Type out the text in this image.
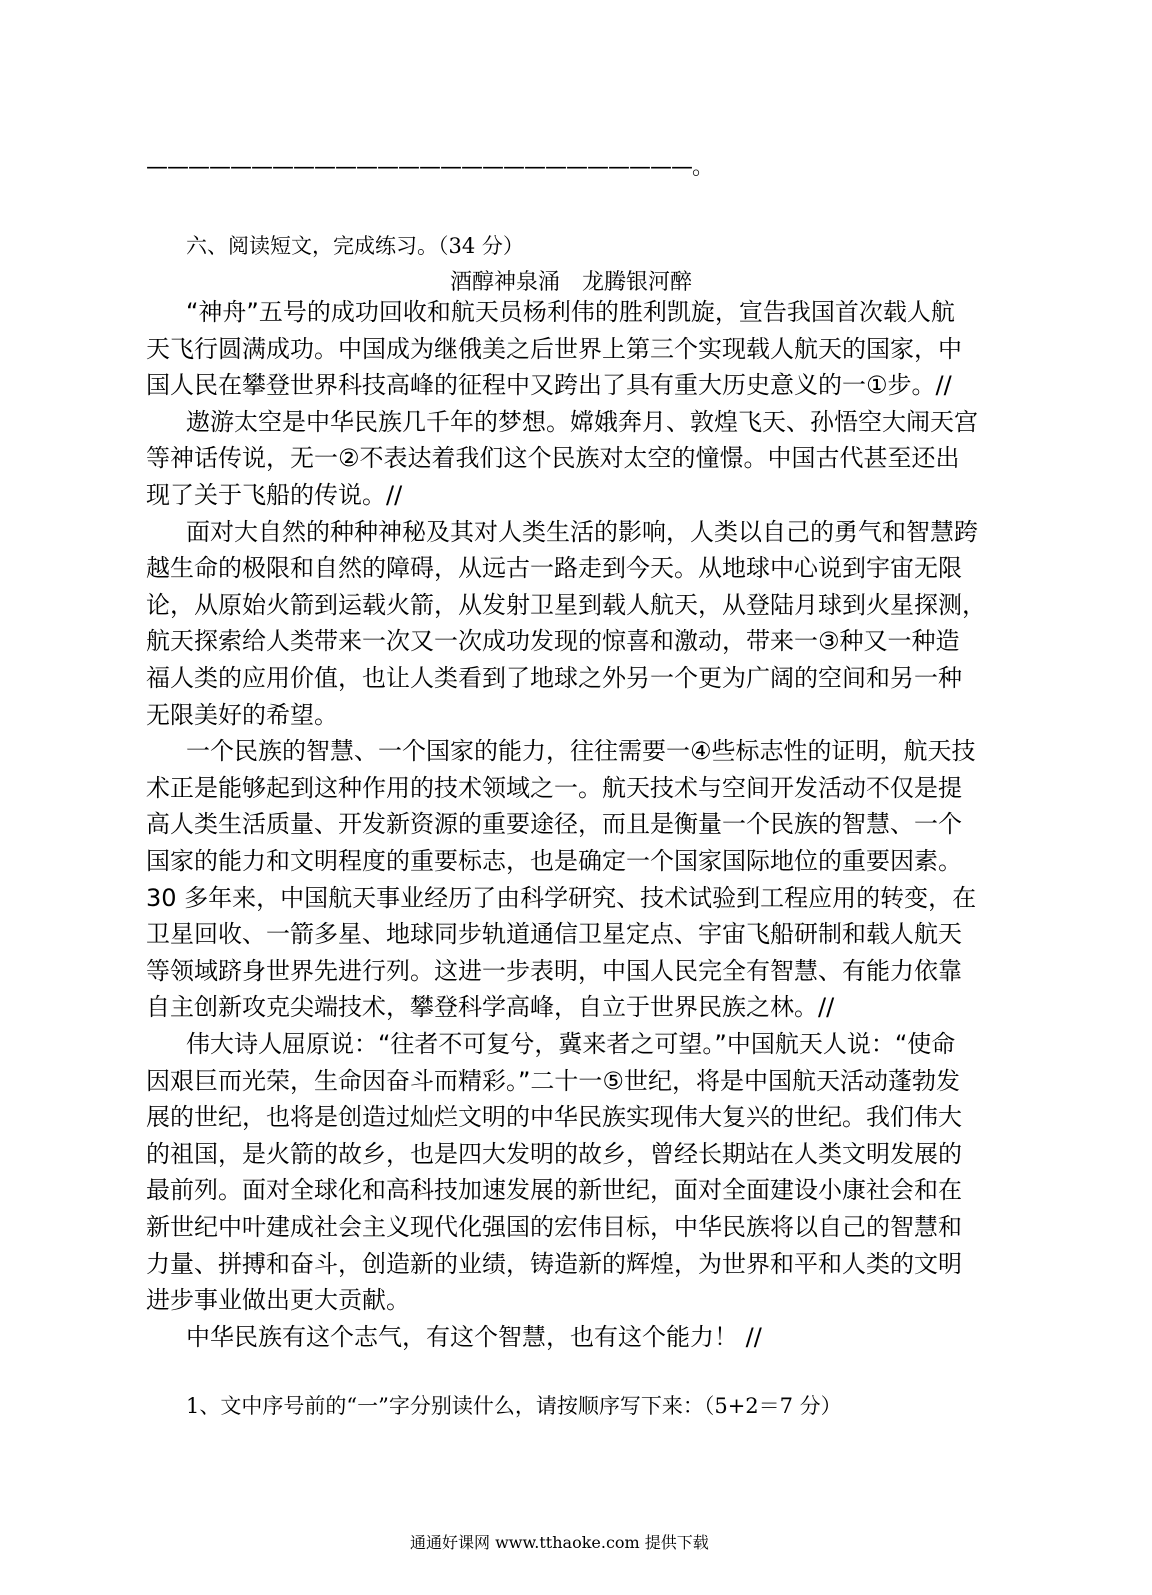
——————————————————————————。
六、阅读短文，完成练习。（34 分）
酒醇神泉涌　龙腾银河醉
“神舟”五号的成功回收和航天员杨利伟的胜利凯旋，宣告我国首次载人航
天飞行圆满成功。中国成为继俄美之后世界上第三个实现载人航天的国家，中
国人民在攀登世界科技高峰的征程中又跨出了具有重大历史意义的一①步。//
遨游太空是中华民族几千年的梦想。嫦娥奔月、敦煌飞天、孙悟空大闹天宫
等神话传说，无一②不表达着我们这个民族对太空的憧憬。中国古代甚至还出
现了关于飞船的传说。//
面对大自然的种种神秘及其对人类生活的影响，人类以自己的勇气和智慧跨
越生命的极限和自然的障碍，从远古一路走到今天。从地球中心说到宇宙无限
论，从原始火箭到运载火箭，从发射卫星到载人航天，从登陆月球到火星探测，
航天探索给人类带来一次又一次成功发现的惊喜和激动，带来一③种又一种造
福人类的应用价值，也让人类看到了地球之外另一个更为广阔的空间和另一种
无限美好的希望。
一个民族的智慧、一个国家的能力，往往需要一④些标志性的证明，航天技
术正是能够起到这种作用的技术领域之一。航天技术与空间开发活动不仅是提
高人类生活质量、开发新资源的重要途径，而且是衡量一个民族的智慧、一个
国家的能力和文明程度的重要标志，也是确定一个国家国际地位的重要因素。
30 多年来，中国航天事业经历了由科学研究、技术试验到工程应用的转变，在
卫星回收、一箭多星、地球同步轨道通信卫星定点、宇宙飞船研制和载人航天
等领域跻身世界先进行列。这进一步表明，中国人民完全有智慧、有能力依靠
自主创新攻克尖端技术，攀登科学高峰，自立于世界民族之林。//
伟大诗人屈原说：“往者不可复兮，冀来者之可望。”中国航天人说：“使命
因艰巨而光荣，生命因奋斗而精彩。”二十一⑤世纪，将是中国航天活动蓬勃发
展的世纪，也将是创造过灿烂文明的中华民族实现伟大复兴的世纪。我们伟大
的祖国，是火箭的故乡，也是四大发明的故乡，曾经长期站在人类文明发展的
最前列。面对全球化和高科技加速发展的新世纪，面对全面建设小康社会和在
新世纪中叶建成社会主义现代化强国的宏伟目标，中华民族将以自己的智慧和
力量、拼搏和奋斗，创造新的业绩，铸造新的辉煌，为世界和平和人类的文明
进步事业做出更大贡献。
中华民族有这个志气，有这个智慧，也有这个能力！ //
1、文中序号前的“一”字分别读什么，请按顺序写下来：（5+2＝7 分）
通通好课网 www.tthaoke.com 提供下载
